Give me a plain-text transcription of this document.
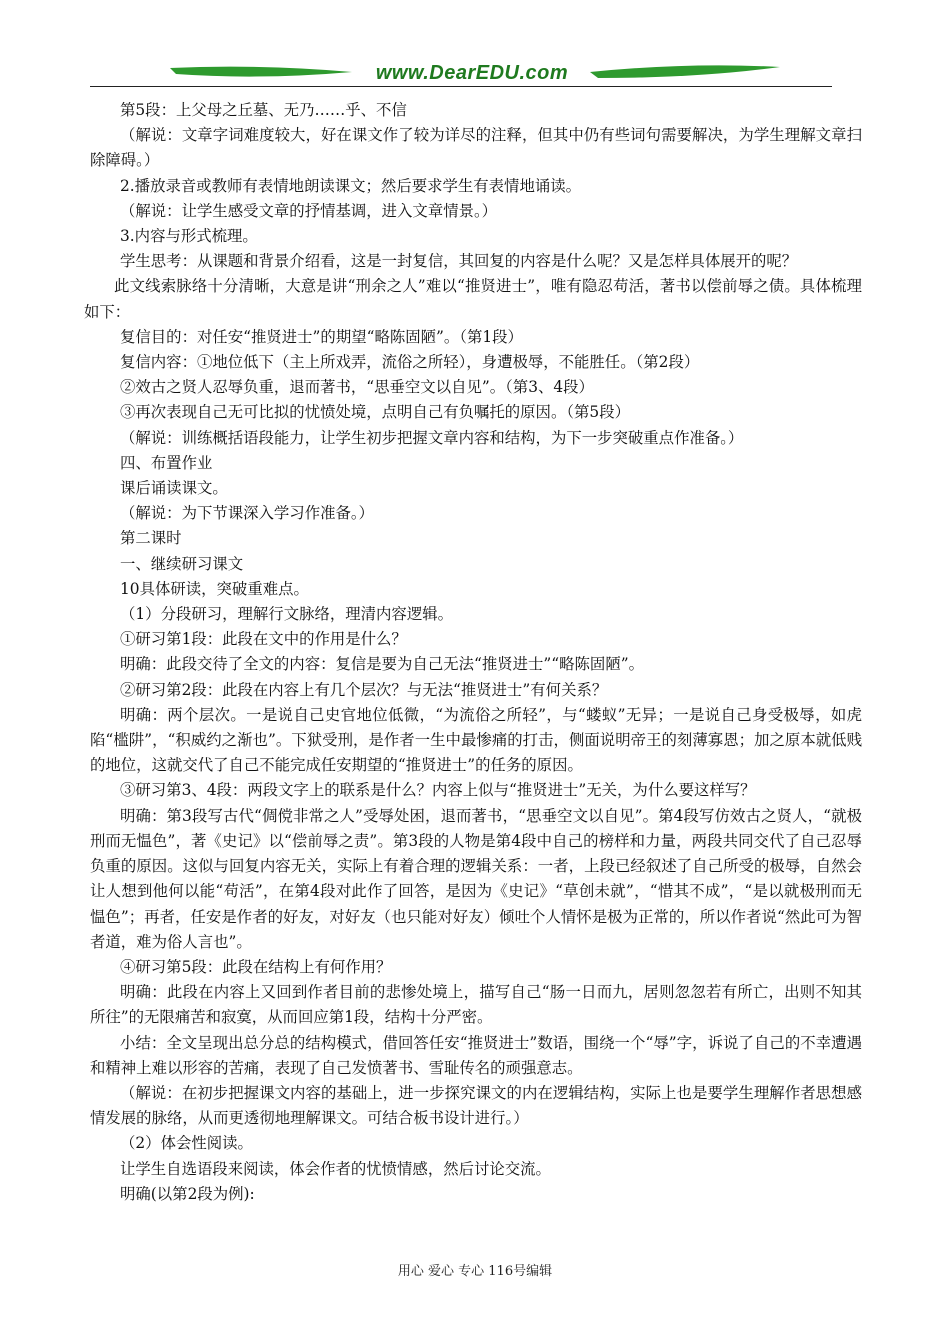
www.DearEDU.com

第5段：上父母之丘墓、无乃……乎、不信

（解说：文章字词难度较大，好在课文作了较为详尽的注释，但其中仍有些词句需要解决，为学生理解文章扫除障碍。）

2.播放录音或教师有表情地朗读课文；然后要求学生有表情地诵读。

（解说：让学生感受文章的抒情基调，进入文章情景。）

3.内容与形式梳理。

学生思考：从课题和背景介绍看，这是一封复信，其回复的内容是什么呢？又是怎样具体展开的呢？

此文线索脉络十分清晰，大意是讲“刑余之人”难以“推贤进士”，唯有隐忍苟活，著书以偿前辱之债。具体梳理如下：

复信目的：对任安“推贤进士”的期望“略陈固陋”。（第1段）

复信内容：①地位低下（主上所戏弄，流俗之所轻），身遭极辱，不能胜任。（第2段）

②效古之贤人忍辱负重，退而著书，“思垂空文以自见”。（第3、4段）

③再次表现自己无可比拟的忧愤处境，点明自己有负嘱托的原因。（第5段）

（解说：训练概括语段能力，让学生初步把握文章内容和结构，为下一步突破重点作准备。）

四、布置作业

课后诵读课文。

（解说：为下节课深入学习作准备。）

第二课时

一、继续研习课文

10具体研读，突破重难点。

（1）分段研习，理解行文脉络，理清内容逻辑。

①研习第1段：此段在文中的作用是什么？

明确：此段交待了全文的内容：复信是要为自己无法“推贤进士”“略陈固陋”。

②研习第2段：此段在内容上有几个层次？与无法“推贤进士”有何关系？

明确：两个层次。一是说自己史官地位低微，“为流俗之所轻”，与“蝼蚁”无异；一是说自己身受极辱，如虎陷“槛阱”，“积威约之渐也”。下狱受刑，是作者一生中最惨痛的打击，侧面说明帝王的刻薄寡恩；加之原本就低贱的地位，这就交代了自己不能完成任安期望的“推贤进士”的任务的原因。

③研习第3、4段：两段文字上的联系是什么？内容上似与“推贤进士”无关，为什么要这样写？

明确：第3段写古代“倜傥非常之人”受辱处困，退而著书，“思垂空文以自见”。第4段写仿效古之贤人，“就极刑而无愠色”，著《史记》以“偿前辱之责”。第3段的人物是第4段中自己的榜样和力量，两段共同交代了自己忍辱负重的原因。这似与回复内容无关，实际上有着合理的逻辑关系：一者，上段已经叙述了自己所受的极辱，自然会让人想到他何以能“苟活”，在第4段对此作了回答，是因为《史记》“草创未就”，“惜其不成”，“是以就极刑而无愠色”；再者，任安是作者的好友，对好友（也只能对好友）倾吐个人情怀是极为正常的，所以作者说“然此可为智者道，难为俗人言也”。

④研习第5段：此段在结构上有何作用？

明确：此段在内容上又回到作者目前的悲惨处境上，描写自己“肠一日而九，居则忽忽若有所亡，出则不知其所往”的无限痛苦和寂寞，从而回应第1段，结构十分严密。

小结：全文呈现出总分总的结构模式，借回答任安“推贤进士”数语，围绕一个“辱”字，诉说了自己的不幸遭遇和精神上难以形容的苦痛，表现了自己发愤著书、雪耻传名的顽强意志。

（解说：在初步把握课文内容的基础上，进一步探究课文的内在逻辑结构，实际上也是要学生理解作者思想感情发展的脉络，从而更透彻地理解课文。可结合板书设计进行。）

（2）体会性阅读。

让学生自选语段来阅读，体会作者的忧愤情感，然后讨论交流。

明确(以第2段为例):

用心 爱心 专心 116号编辑
